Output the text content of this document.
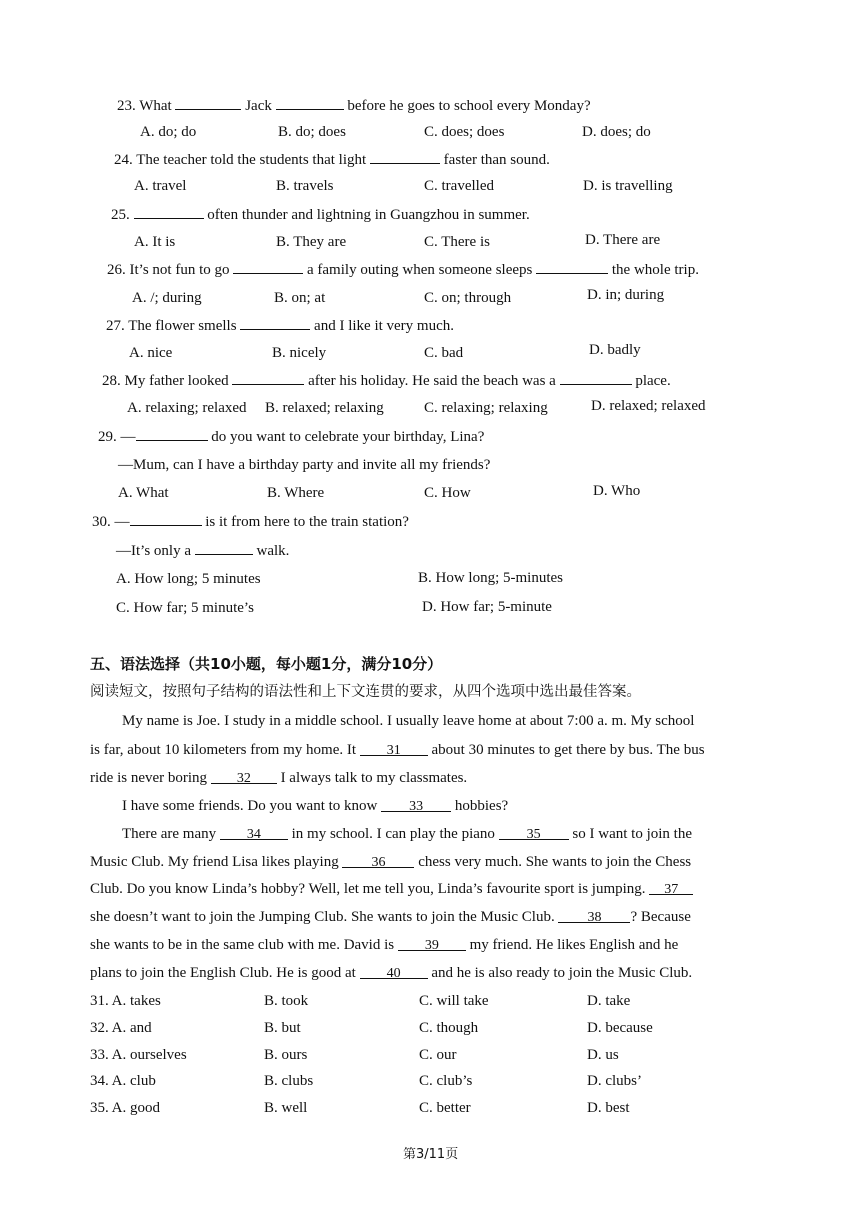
23. What	Jack	before he goes to school every Monday?
A. do; do	B. do; does	C. does; does	D. does; do
24. The teacher told the students that light	faster than sound.
A. travel	B. travels	C. travelled	D. is travelling
25.	often thunder and lightning in Guangzhou in summer.
A. It is	B. They are	C. There is	D. There are
26. It’s not fun to go	a family outing when someone sleeps	the whole trip.
A. /; during	B. on; at	C. on; through	D. in; during
27. The flower smells	and I like it very much.
A. nice	B. nicely	C. bad	D. badly
28. My father looked	after his holiday. He said the beach was a	place.
A. relaxing; relaxed B. relaxed; relaxing	C. relaxing; relaxing	D. relaxed; relaxed
29. —	do you want to celebrate your birthday, Lina?
—Mum, can I have a birthday party and invite all my friends?
A. What	B. Where	C. How	D. Who
30. —	is it from here to the train station?
—It’s only a	walk.
A. How long; 5 minutes	B. How long; 5-minutes
C. How far; 5 minute’s	D. How far; 5-minute
五、语法选择（共10小题，每小题1分，满分10分）
阅读短文，按照句子结构的语法性和上下文连贯的要求，从四个选项中选出最佳答案。
My name is Joe. I study in a middle school. I usually leave home at about 7:00 a. m. My school
is far, about 10 kilometers from my home. It 31 about 30 minutes to get there by bus. The bus
ride is never boring 32 I always talk to my classmates.
I have some friends. Do you want to know 33 hobbies?
There are many 34 in my school. I can play the piano 35 so I want to join the
Music Club. My friend Lisa likes playing 36 chess very much. She wants to join the Chess
Club. Do you know Linda’s hobby? Well, let me tell you, Linda’s favourite sport is jumping. 37
she doesn’t want to join the Jumping Club. She wants to join the Music Club. 38 ? Because
she wants to be in the same club with me. David is 39 my friend. He likes English and he
plans to join the English Club. He is good at 40 and he is also ready to join the Music Club.
31. A. takes	B. took	C. will take	D. take
32. A. and	B. but	C. though	D. because
33. A. ourselves	B. ours	C. our	D. us
34. A. club	B. clubs	C. club’s	D. clubs’
35. A. good	B. well	C. better	D. best
第3/11页
